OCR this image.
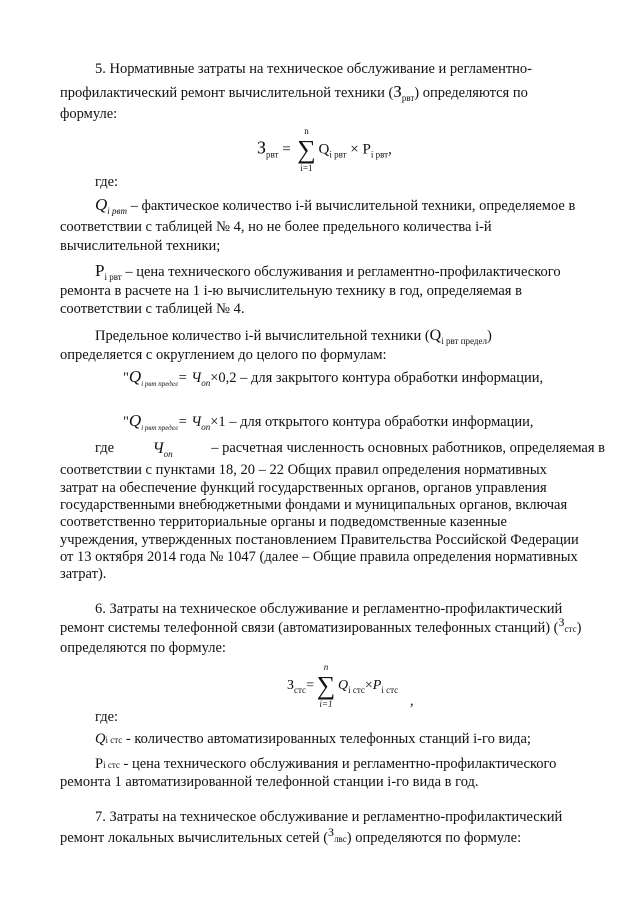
5. Нормативные затраты на техническое обслуживание и регламентно-
профилактический ремонт вычислительной техники $(З_{рвт})$ определяются по
формуле:
$З_{рвт}$ =
n
∑
i=1
$Q_{i рвт} \times P_{i рвт}$,
где:
$Q_{i рвт}$ – фактическое количество i-й вычислительной техники, определяемое в
соответствии с таблицей № 4, но не более предельного количества i-й
вычислительной техники;
$P_{i рвт}$ – цена технического обслуживания и регламентно-профилактического
ремонта в расчете на 1 i-ю вычислительную технику в год, определяемая в
соответствии с таблицей № 4.
Предельное количество i-й вычислительной техники $(Q_{i рвт предел})$
определяется с округлением до целого по формулам:
"$Q_{i рвт предел}= Ч_{оп}\times 0,2$ – для закрытого контура обработки информации,
"$Q_{i рвт предел}= Ч_{оп}\times 1$ – для открытого контура обработки информации,
где $Ч_{оп}$	– расчетная численность основных работников, определяемая в
соответствии с пунктами 18, 20 – 22 Общих правил определения нормативных
затрат на обеспечение функций государственных органов, органов управления
государственными внебюджетными фондами и муниципальных органов, включая
соответственно территориальные органы и подведомственные казенные
учреждения, утвержденных постановлением Правительства Российской Федерации
от 13 октября 2014 года № 1047 (далее – Общие правила определения нормативных
затрат).
6. Затраты на техническое обслуживание и регламентно-профилактический
ремонт системы телефонной связи (автоматизированных телефонных станций) ($^З$стс)
определяются по формуле:
$З_{стс}=$
n
∑
i=1
$Q_{i стс}\times P_{i стс}$
,
где:
Qi стс - количество автоматизированных телефонных станций i-го вида;
Pi стс - цена технического обслуживания и регламентно-профилактического
ремонта 1 автоматизированной телефонной станции i-го вида в год.
7. Затраты на техническое обслуживание и регламентно-профилактический
ремонт локальных вычислительных сетей ($^З$лвс) определяются по формуле:
